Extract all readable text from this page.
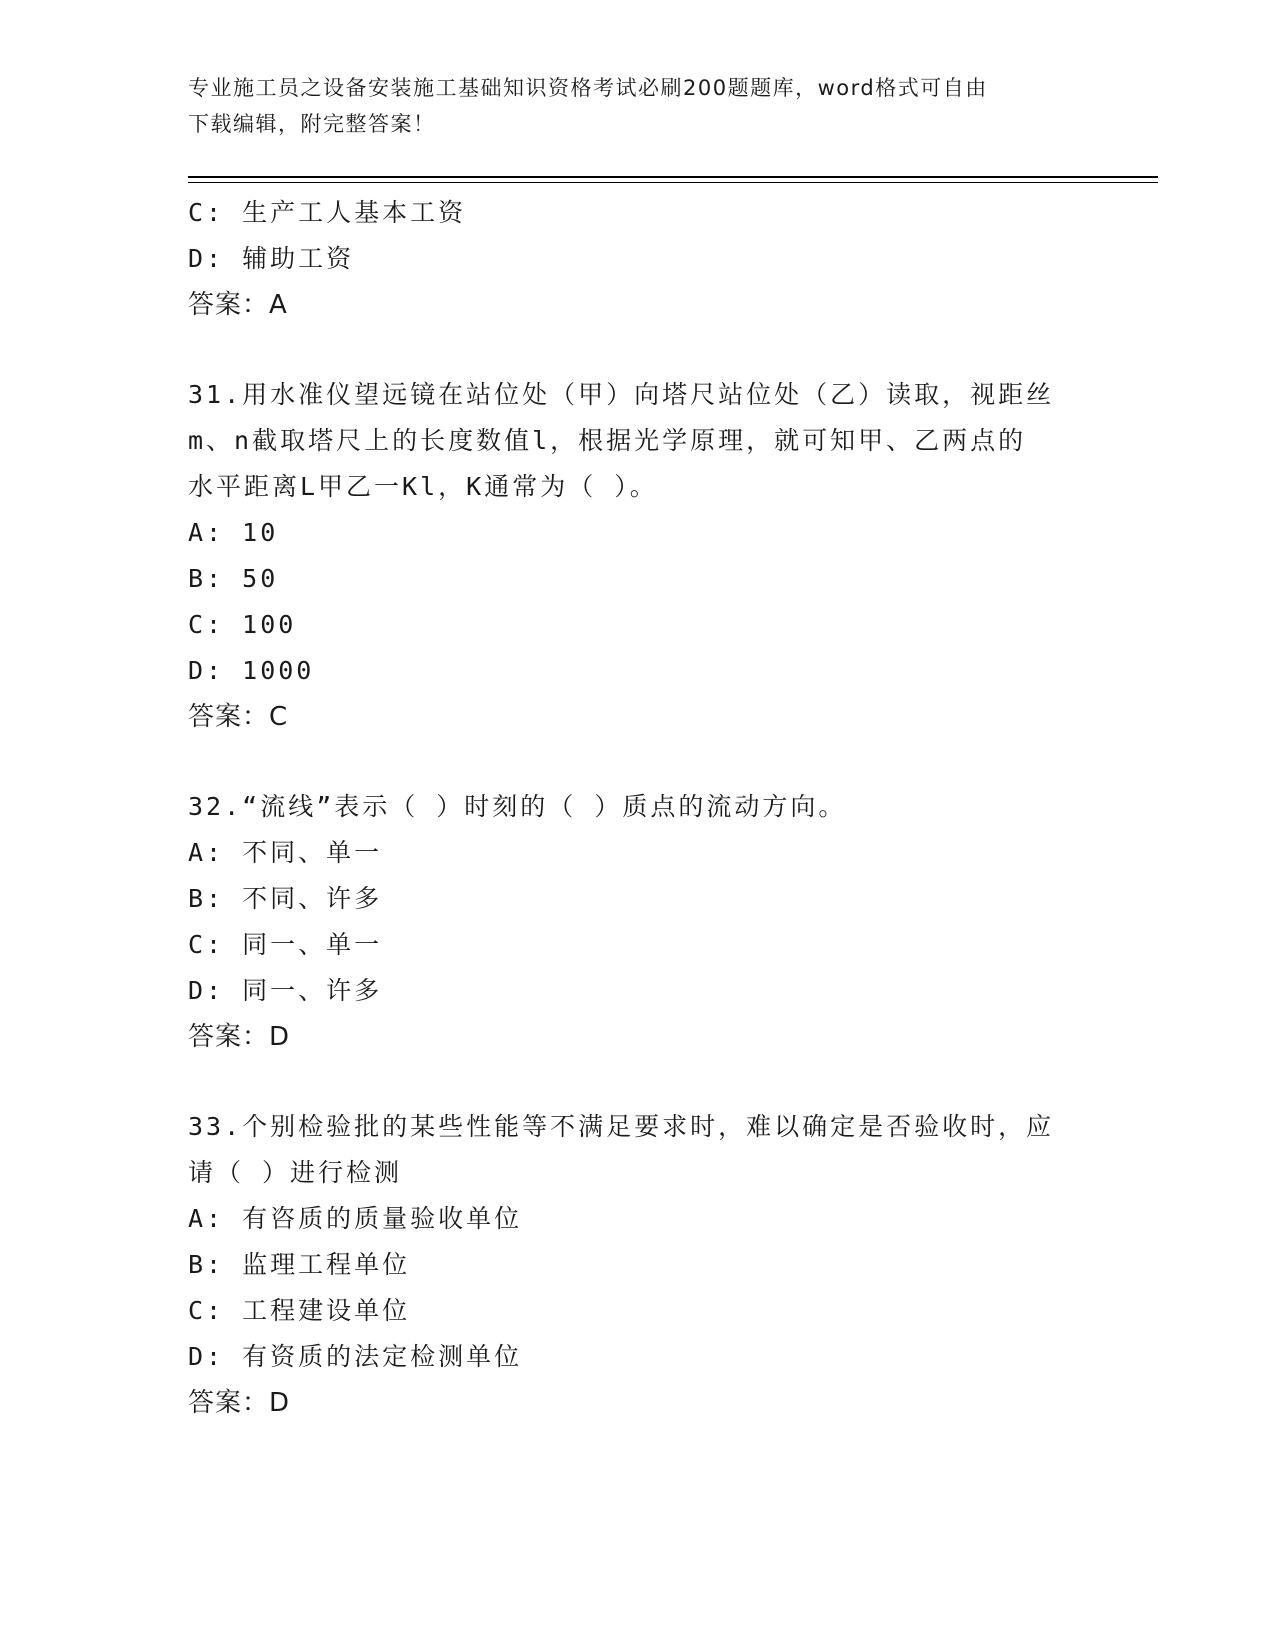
专业施工员之设备安装施工基础知识资格考试必刷200题题库，word格式可自由
下载编辑，附完整答案！
C: 生产工人基本工资
D: 辅助工资
答案：A
31.用水准仪望远镜在站位处（甲）向塔尺站位处（乙）读取，视距丝
m、n截取塔尺上的长度数值l，根据光学原理，就可知甲、乙两点的
水平距离L甲乙一Kl，K通常为（ ）。
A: 10
B: 50
C: 100
D: 1000
答案：C
32.“流线”表示（ ）时刻的（ ）质点的流动方向。
A: 不同、单一
B: 不同、许多
C: 同一、单一
D: 同一、许多
答案：D
33.个别检验批的某些性能等不满足要求时，难以确定是否验收时，应
请（ ）进行检测
A: 有咨质的质量验收单位
B: 监理工程单位
C: 工程建设单位
D: 有资质的法定检测单位
答案：D
